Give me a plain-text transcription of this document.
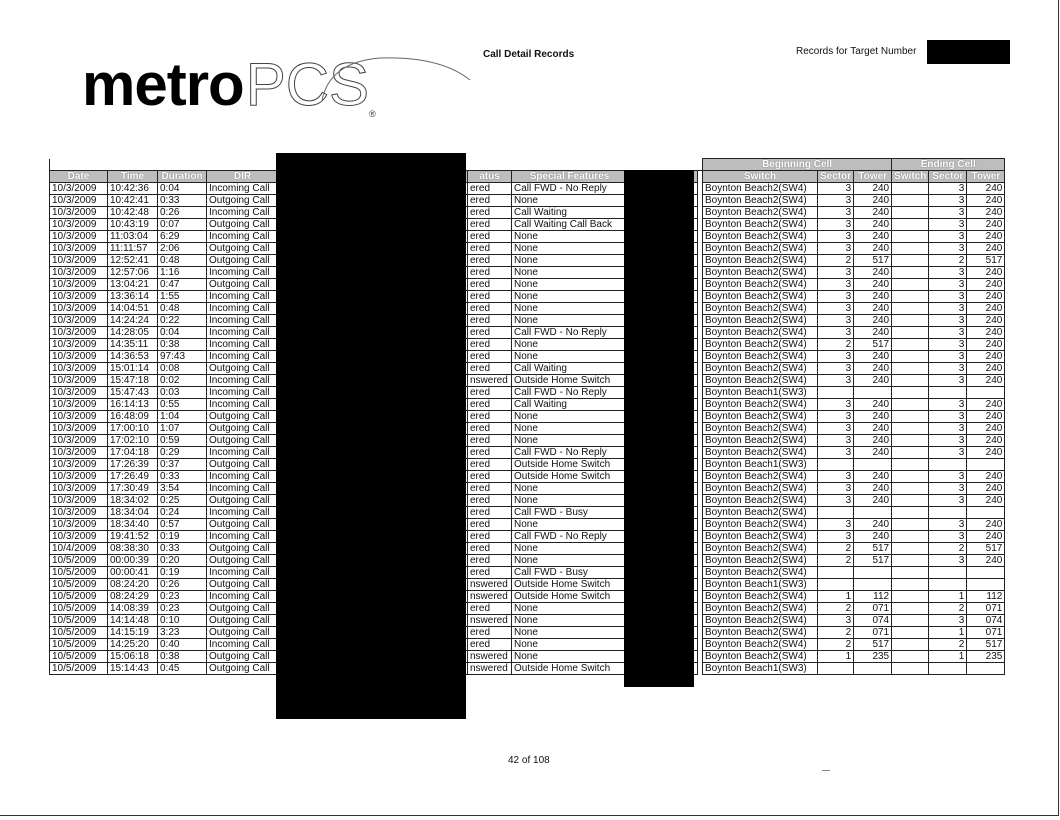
metroPCS®
Call Detail Records	Records for Target Number
									Beginning Cell			Ending Cell		
Date	Time	Duration	DIR		atus	Special Features			Switch	Sector	Tower	Switch	Sector	Tower
10/3/2009	10:42:36	0:04	Incoming Call		ered	Call FWD - No Reply			Boynton Beach2(SW4)	3	240		3	240
10/3/2009	10:42:41	0:33	Outgoing Call		ered	None			Boynton Beach2(SW4)	3	240		3	240
10/3/2009	10:42:48	0:26	Incoming Call		ered	Call Waiting			Boynton Beach2(SW4)	3	240		3	240
10/3/2009	10:43:19	0:07	Outgoing Call		ered	Call Waiting Call Back			Boynton Beach2(SW4)	3	240		3	240
10/3/2009	11:03:04	6:29	Incoming Call		ered	None			Boynton Beach2(SW4)	3	240		3	240
10/3/2009	11:11:57	2:06	Outgoing Call		ered	None			Boynton Beach2(SW4)	3	240		3	240
10/3/2009	12:52:41	0:48	Outgoing Call		ered	None			Boynton Beach2(SW4)	2	517		2	517
10/3/2009	12:57:06	1:16	Incoming Call		ered	None			Boynton Beach2(SW4)	3	240		3	240
10/3/2009	13:04:21	0:47	Outgoing Call		ered	None			Boynton Beach2(SW4)	3	240		3	240
10/3/2009	13:36:14	1:55	Incoming Call		ered	None			Boynton Beach2(SW4)	3	240		3	240
10/3/2009	14:04:51	0:48	Incoming Call		ered	None			Boynton Beach2(SW4)	3	240		3	240
10/3/2009	14:24:24	0:22	Incoming Call		ered	None			Boynton Beach2(SW4)	3	240		3	240
10/3/2009	14:28:05	0:04	Incoming Call		ered	Call FWD - No Reply			Boynton Beach2(SW4)	3	240		3	240
10/3/2009	14:35:11	0:38	Incoming Call		ered	None			Boynton Beach2(SW4)	2	517		3	240
10/3/2009	14:36:53	97:43	Incoming Call		ered	None			Boynton Beach2(SW4)	3	240		3	240
10/3/2009	15:01:14	0:08	Outgoing Call		ered	Call Waiting			Boynton Beach2(SW4)	3	240		3	240
10/3/2009	15:47:18	0:02	Incoming Call		nswered	Outside Home Switch			Boynton Beach2(SW4)	3	240		3	240
10/3/2009	15:47:43	0:03	Incoming Call		ered	Call FWD - No Reply			Boynton Beach1(SW3)					
10/3/2009	16:14:13	0:55	Incoming Call		ered	Call Waiting			Boynton Beach2(SW4)	3	240		3	240
10/3/2009	16:48:09	1:04	Outgoing Call		ered	None			Boynton Beach2(SW4)	3	240		3	240
10/3/2009	17:00:10	1:07	Outgoing Call		ered	None			Boynton Beach2(SW4)	3	240		3	240
10/3/2009	17:02:10	0:59	Outgoing Call		ered	None			Boynton Beach2(SW4)	3	240		3	240
10/3/2009	17:04:18	0:29	Incoming Call		ered	Call FWD - No Reply			Boynton Beach2(SW4)	3	240		3	240
10/3/2009	17:26:39	0:37	Outgoing Call		ered	Outside Home Switch			Boynton Beach1(SW3)					
10/3/2009	17:26:49	0:33	Incoming Call		ered	Outside Home Switch			Boynton Beach2(SW4)	3	240		3	240
10/3/2009	17:30:49	3:54	Incoming Call		ered	None			Boynton Beach2(SW4)	3	240		3	240
10/3/2009	18:34:02	0:25	Outgoing Call		ered	None			Boynton Beach2(SW4)	3	240		3	240
10/3/2009	18:34:04	0:24	Incoming Call		ered	Call FWD - Busy			Boynton Beach2(SW4)					
10/3/2009	18:34:40	0:57	Outgoing Call		ered	None			Boynton Beach2(SW4)	3	240		3	240
10/3/2009	19:41:52	0:19	Incoming Call		ered	Call FWD - No Reply			Boynton Beach2(SW4)	3	240		3	240
10/4/2009	08:38:30	0:33	Outgoing Call		ered	None			Boynton Beach2(SW4)	2	517		2	517
10/5/2009	00:00:39	0:20	Outgoing Call		ered	None			Boynton Beach2(SW4)	2	517		3	240
10/5/2009	00:00:41	0:19	Incoming Call		ered	Call FWD - Busy			Boynton Beach2(SW4)					
10/5/2009	08:24:20	0:26	Outgoing Call		nswered	Outside Home Switch			Boynton Beach1(SW3)					
10/5/2009	08:24:29	0:23	Incoming Call		nswered	Outside Home Switch			Boynton Beach2(SW4)	1	112		1	112
10/5/2009	14:08:39	0:23	Outgoing Call		ered	None			Boynton Beach2(SW4)	2	071		2	071
10/5/2009	14:14:48	0:10	Outgoing Call		nswered	None			Boynton Beach2(SW4)	3	074		3	074
10/5/2009	14:15:19	3:23	Outgoing Call		ered	None			Boynton Beach2(SW4)	2	071		1	071
10/5/2009	14:25:20	0:40	Incoming Call		ered	None			Boynton Beach2(SW4)	2	517		2	517
10/5/2009	15:06:18	0:38	Outgoing Call		nswered	None			Boynton Beach2(SW4)	1	235		1	235
10/5/2009	15:14:43	0:45	Outgoing Call		nswered	Outside Home Switch			Boynton Beach1(SW3)					
42 of 108
